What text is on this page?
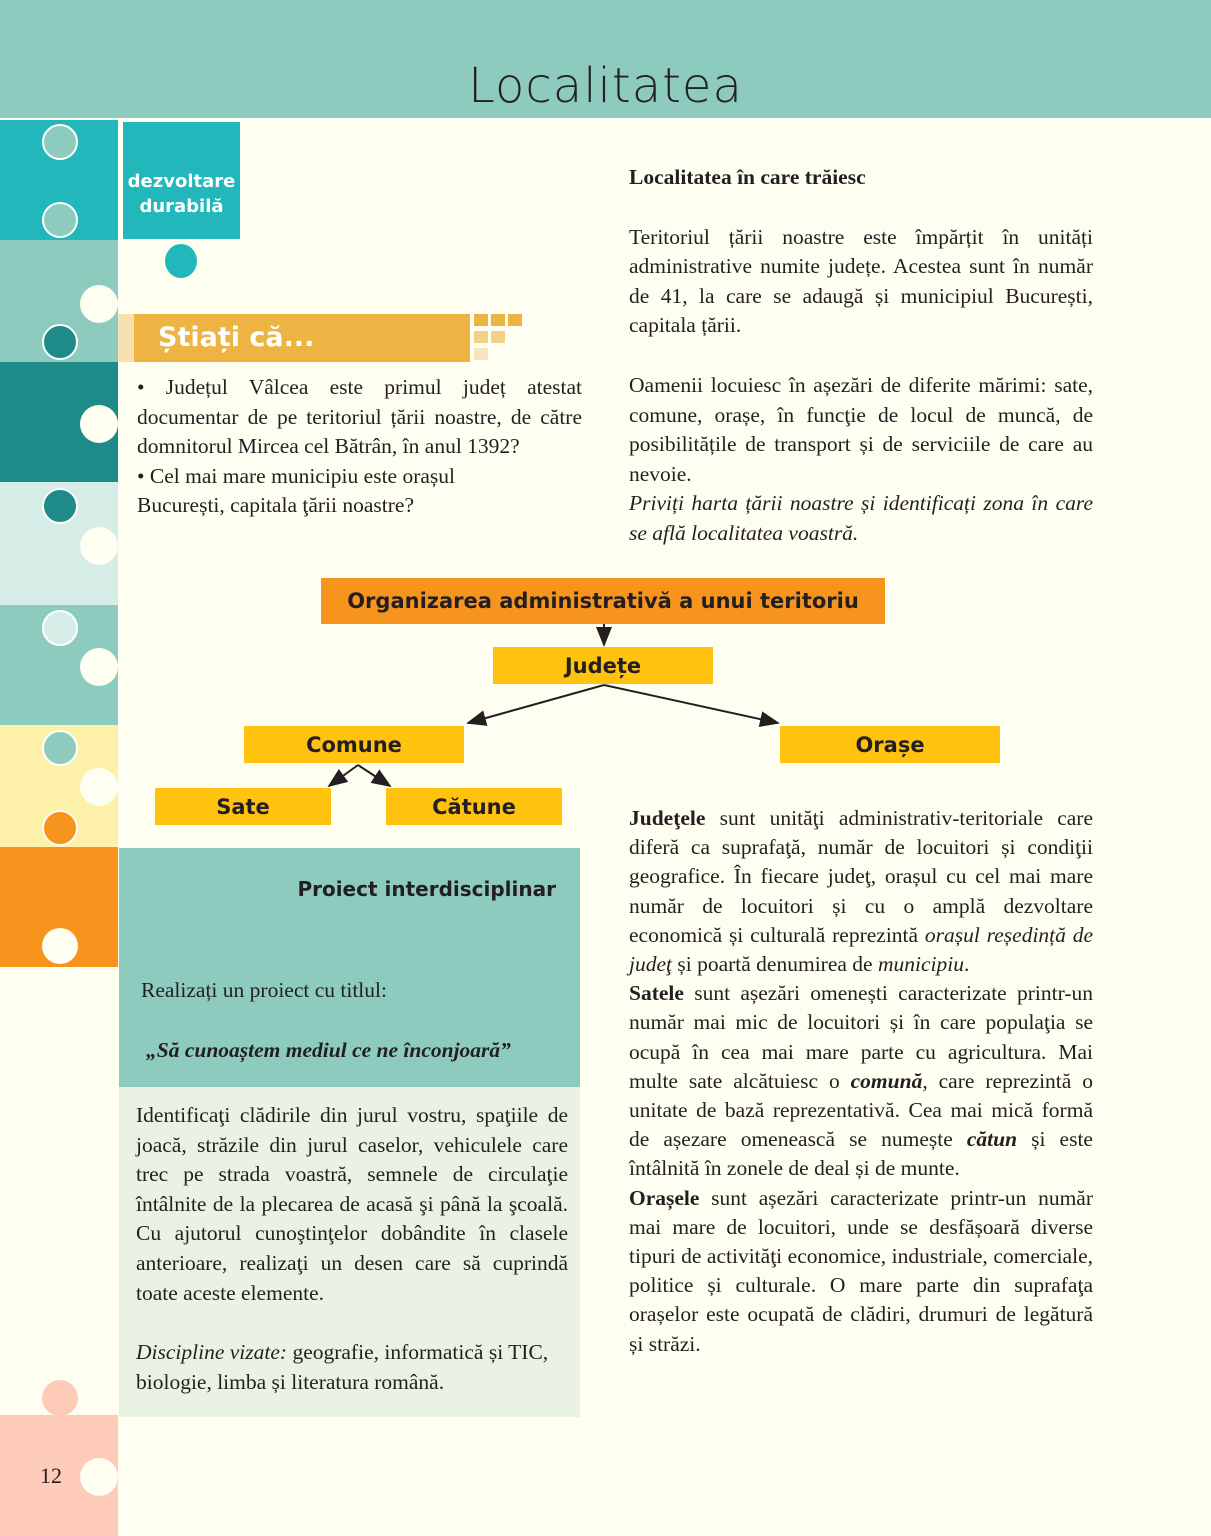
Localitatea
dezvoltare
durabilă
Știați că...
• Județul Vâlcea este primul județ atestat documentar de pe teritoriul țării noastre, de către domnitorul Mircea cel Bătrân, în anul 1392?
• Cel mai mare municipiu este orașul București, capitala ţării noastre?
Localitatea în care trăiesc
Teritoriul țării noastre este împărțit în unități administrative numite județe. Acestea sunt în număr de 41, la care se adaugă și municipiul București, capitala țării.
Oamenii locuiesc în așezări de diferite mărimi: sate, comune, orașe, în funcţie de locul de muncă, de posibilitățile de transport și de serviciile de care au nevoie.
Priviți harta țării noastre și identificați zona în care se află localitatea voastră.
Organizarea administrativă a unui teritoriu
Județe
Comune	Orașe
Sate	Cătune
Proiect interdisciplinar
Realizați un proiect cu titlul:
„Să cunoaștem mediul ce ne înconjoară”
Identificaţi clădirile din jurul vostru, spaţiile de joacă, străzile din jurul caselor, vehiculele care trec pe strada voastră, semnele de circulaţie întâlnite de la plecarea de acasă şi până la şcoală. Cu ajutorul cunoştinţelor dobândite în clasele anterioare, realizaţi un desen care să cuprindă toate aceste elemente.
Discipline vizate: geografie, informatică și TIC, biologie, limba și literatura română.
Judeţele sunt unităţi administrativ-teritoriale care diferă ca suprafaţă, număr de locuitori și condiţii geografice. În fiecare judeţ, orașul cu cel mai mare număr de locuitori și cu o amplă dezvoltare economică și culturală reprezintă orașul reședință de judeţ și poartă denumirea de municipiu.
Satele sunt așezări omenești caracterizate printr-un număr mai mic de locuitori și în care populaţia se ocupă în cea mai mare parte cu agricultura. Mai multe sate alcătuiesc o comună, care reprezintă o unitate de bază reprezentativă. Cea mai mică formă de așezare omenească se numește cătun și este întâlnită în zonele de deal și de munte.
Orașele sunt așezări caracterizate printr-un număr mai mare de locuitori, unde se desfășoară diverse tipuri de activităţi economice, industriale, comerciale, politice și culturale. O mare parte din suprafaţa orașelor este ocupată de clădiri, drumuri de legătură și străzi.
12
